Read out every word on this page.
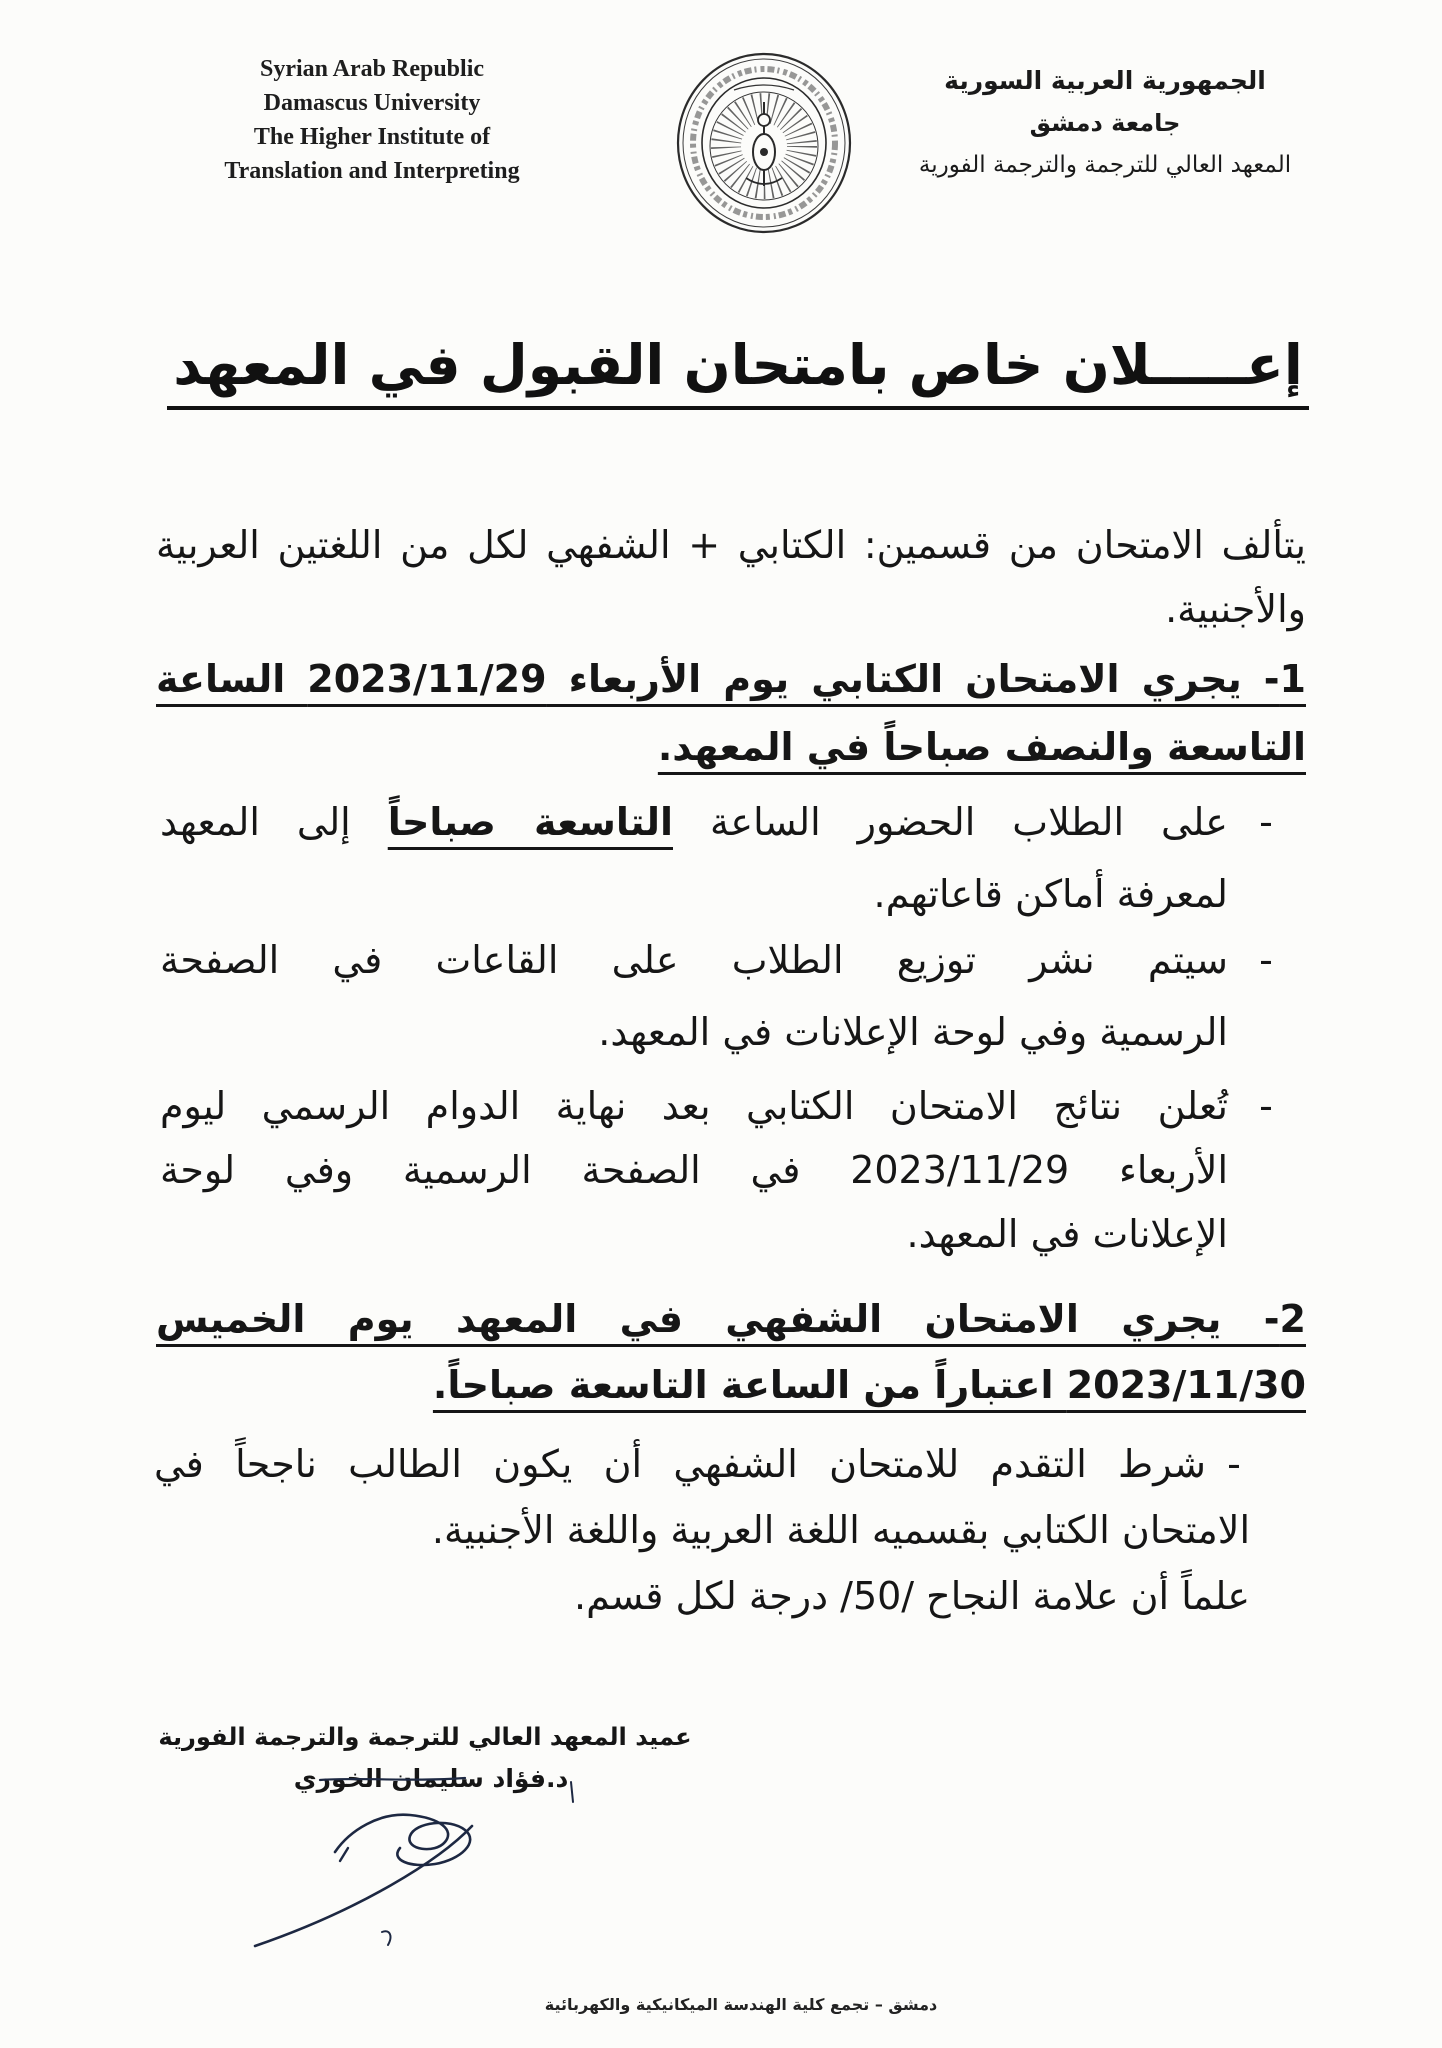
Syrian Arab Republic
Damascus University
The Higher Institute of
Translation and Interpreting
الجمهورية العربية السورية
جامعة دمشق
المعهد العالي للترجمة والترجمة الفورية
إعـــــلان خاص بامتحان القبول في المعهد
يتألف الامتحان من قسمين: الكتابي + الشفهي لكل من اللغتين العربية
والأجنبية.
1- يجري الامتحان الكتابي يوم الأربعاء 2023/11/29 الساعة
التاسعة والنصف صباحاً في المعهد.
-
على الطلاب الحضور الساعة التاسعة صباحاً إلى المعهد
لمعرفة أماكن قاعاتهم.
-
سيتم نشر توزيع الطلاب على القاعات في الصفحة
الرسمية وفي لوحة الإعلانات في المعهد.
-
تُعلن نتائج الامتحان الكتابي بعد نهاية الدوام الرسمي ليوم
الأربعاء 2023/11/29 في الصفحة الرسمية وفي لوحة
الإعلانات في المعهد.
2- يجري الامتحان الشفهي في المعهد يوم الخميس
2023/11/30 اعتباراً من الساعة التاسعة صباحاً.
-
شرط التقدم للامتحان الشفهي أن يكون الطالب ناجحاً في
الامتحان الكتابي بقسميه اللغة العربية واللغة الأجنبية.
علماً أن علامة النجاح /50/ درجة لكل قسم.
عميد المعهد العالي للترجمة والترجمة الفورية
د.فؤاد سليمان الخوري
دمشق – تجمع كلية الهندسة الميكانيكية والكهربائية
